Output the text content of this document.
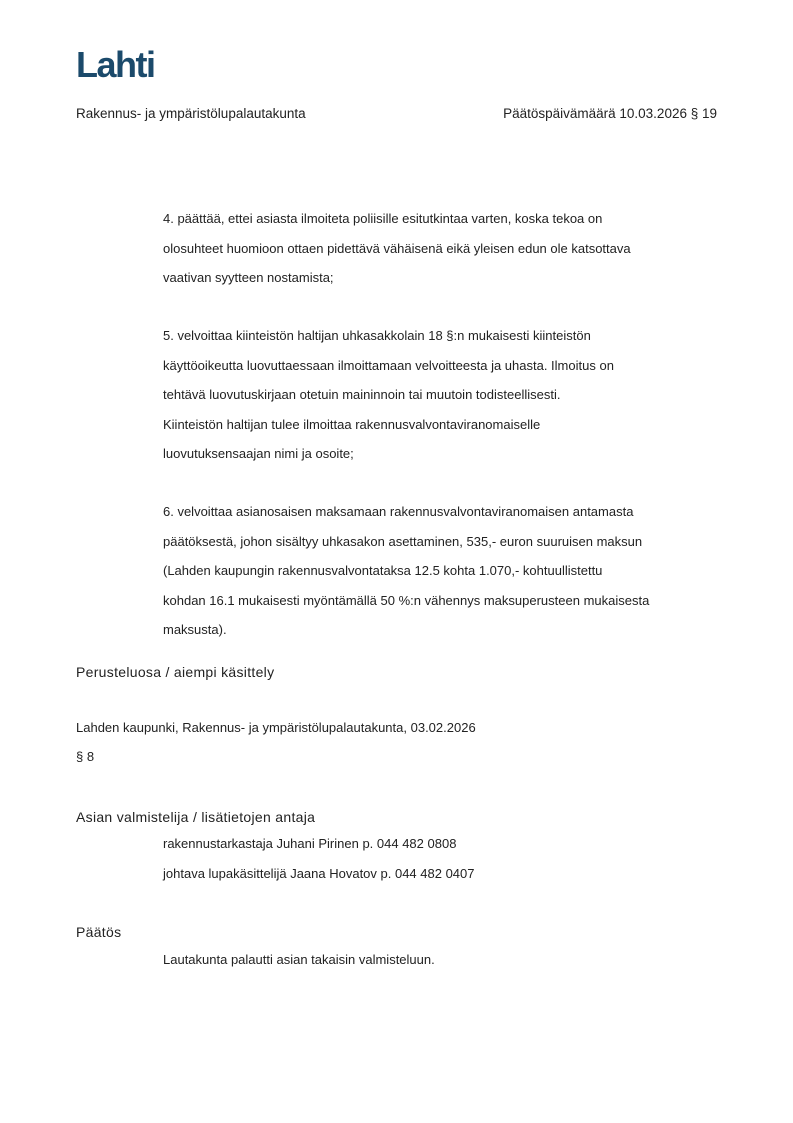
Lahti
Rakennus- ja ympäristölupalautakunta	Päätöspäivämäärä 10.03.2026 § 19

4. päättää, ettei asiasta ilmoiteta poliisille esitutkintaa varten, koska tekoa on

olosuhteet huomioon ottaen pidettävä vähäisenä eikä yleisen edun ole katsottava

vaativan syytteen nostamista;

5. velvoittaa kiinteistön haltijan uhkasakkolain 18 §:n mukaisesti kiinteistön

käyttöoikeutta luovuttaessaan ilmoittamaan velvoitteesta ja uhasta. Ilmoitus on

tehtävä luovutuskirjaan otetuin maininnoin tai muutoin todisteellisesti.

Kiinteistön haltijan tulee ilmoittaa rakennusvalvontaviranomaiselle

luovutuksensaajan nimi ja osoite;

6. velvoittaa asianosaisen maksamaan rakennusvalvontaviranomaisen antamasta

päätöksestä, johon sisältyy uhkasakon asettaminen, 535,- euron suuruisen maksun

(Lahden kaupungin rakennusvalvontataksa 12.5 kohta 1.070,- kohtuullistettu

kohdan 16.1 mukaisesti myöntämällä 50 %:n vähennys maksuperusteen mukaisesta

maksusta).

Perusteluosa / aiempi käsittely
Lahden kaupunki, Rakennus- ja ympäristölupalautakunta, 03.02.2026
§ 8
Asian valmistelija / lisätietojen antaja
rakennustarkastaja Juhani Pirinen p. 044 482 0808
johtava lupakäsittelijä Jaana Hovatov p. 044 482 0407
Päätös
Lautakunta palautti asian takaisin valmisteluun.
